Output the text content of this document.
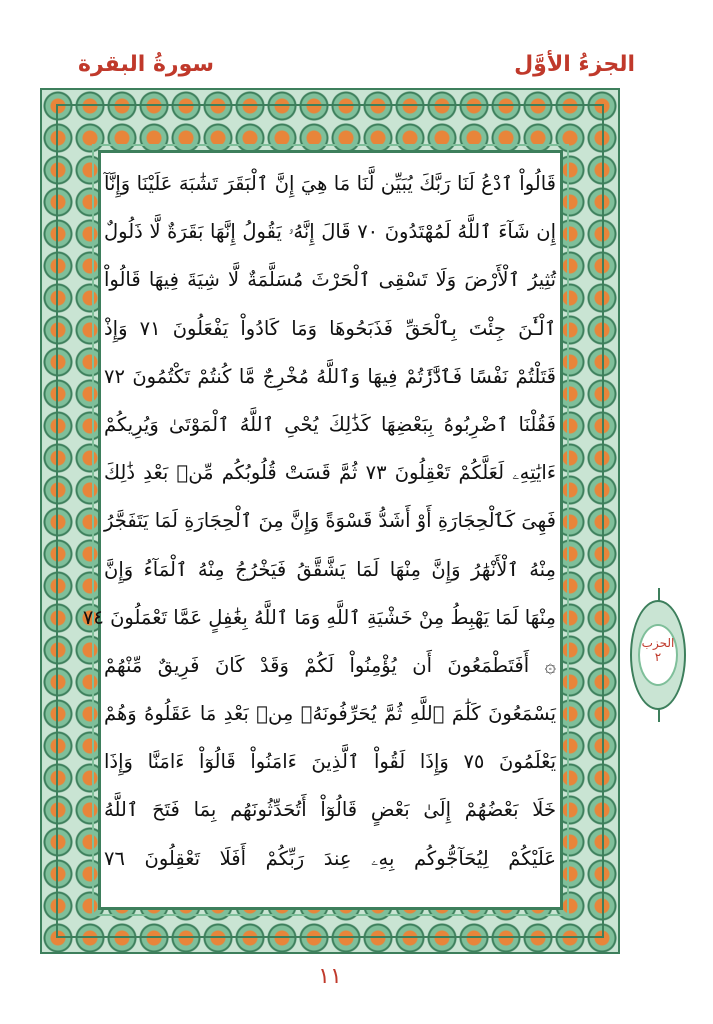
سورةُ البقرة	الجزءُ الأوَّل
قَالُواْ ٱدْعُ لَنَا رَبَّكَ يُبَيِّن لَّنَا مَا هِيَ إِنَّ ٱلْبَقَرَ تَشَٰبَهَ عَلَيْنَا وَإِنَّآ
إِن شَآءَ ٱللَّهُ لَمُهْتَدُونَ ٧٠ قَالَ إِنَّهُۥ يَقُولُ إِنَّهَا بَقَرَةٌ لَّا ذَلُولٌ
تُثِيرُ ٱلْأَرْضَ وَلَا تَسْقِى ٱلْحَرْثَ مُسَلَّمَةٌ لَّا شِيَةَ فِيهَا قَالُواْ
ٱلْـَٰٔنَ جِئْتَ بِٱلْحَقِّ فَذَبَحُوهَا وَمَا كَادُواْ يَفْعَلُونَ ٧١ وَإِذْ
قَتَلْتُمْ نَفْسًا فَٱدَّٰرَٰٔتُمْ فِيهَا وَٱللَّهُ مُخْرِجٌ مَّا كُنتُمْ تَكْتُمُونَ ٧٢
فَقُلْنَا ٱضْرِبُوهُ بِبَعْضِهَا كَذَٰلِكَ يُحْىِ ٱللَّهُ ٱلْمَوْتَىٰ وَيُرِيكُمْ
ءَايَٰتِهِۦ لَعَلَّكُمْ تَعْقِلُونَ ٧٣ ثُمَّ قَسَتْ قُلُوبُكُم مِّنۢ بَعْدِ ذَٰلِكَ
فَهِىَ كَٱلْحِجَارَةِ أَوْ أَشَدُّ قَسْوَةً وَإِنَّ مِنَ ٱلْحِجَارَةِ لَمَا يَتَفَجَّرُ
مِنْهُ ٱلْأَنْهَٰرُ وَإِنَّ مِنْهَا لَمَا يَشَّقَّقُ فَيَخْرُجُ مِنْهُ ٱلْمَآءُ وَإِنَّ
مِنْهَا لَمَا يَهْبِطُ مِنْ خَشْيَةِ ٱللَّهِ وَمَا ٱللَّهُ بِغَٰفِلٍ عَمَّا تَعْمَلُونَ ٧٤
۞ أَفَتَطْمَعُونَ أَن يُؤْمِنُواْ لَكُمْ وَقَدْ كَانَ فَرِيقٌ مِّنْهُمْ
يَسْمَعُونَ كَلَٰمَ ٱللَّهِ ثُمَّ يُحَرِّفُونَهُۥ مِنۢ بَعْدِ مَا عَقَلُوهُ وَهُمْ
يَعْلَمُونَ ٧٥ وَإِذَا لَقُواْ ٱلَّذِينَ ءَامَنُواْ قَالُوٓاْ ءَامَنَّا وَإِذَا
خَلَا بَعْضُهُمْ إِلَىٰ بَعْضٍ قَالُوٓاْ أَتُحَدِّثُونَهُم بِمَا فَتَحَ ٱللَّهُ
عَلَيْكُمْ لِيُحَآجُّوكُم بِهِۦ عِندَ رَبِّكُمْ أَفَلَا تَعْقِلُونَ ٧٦
الحزب
٢
١١
